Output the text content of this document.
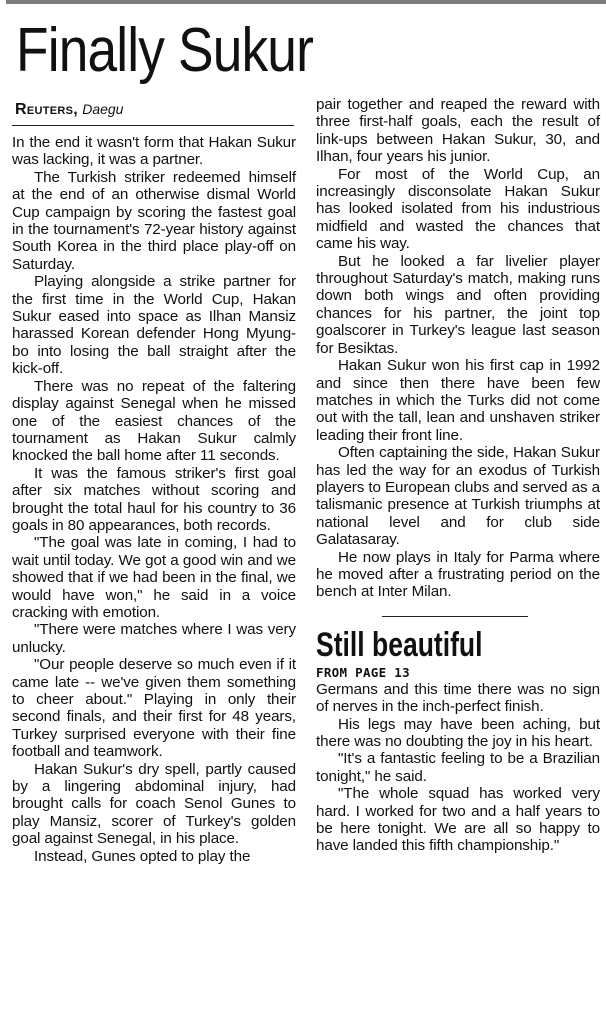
Finally Sukur
Reuters, Daegu

In the end it wasn't form that Hakan Sukur was lacking, it was a partner.

The Turkish striker redeemed himself at the end of an otherwise dismal World Cup campaign by scoring the fastest goal in the tournament's 72-year history against South Korea in the third place play-off on Saturday.

Playing alongside a strike partner for the first time in the World Cup, Hakan Sukur eased into space as Ilhan Mansiz harassed Korean defender Hong Myung-bo into losing the ball straight after the kick-off.

There was no repeat of the faltering display against Senegal when he missed one of the easiest chances of the tournament as Hakan Sukur calmly knocked the ball home after 11 seconds.

It was the famous striker's first goal after six matches without scoring and brought the total haul for his country to 36 goals in 80 appearances, both records.

"The goal was late in coming, I had to wait until today. We got a good win and we showed that if we had been in the final, we would have won," he said in a voice cracking with emotion.

"There were matches where I was very unlucky.

"Our people deserve so much even if it came late -- we've given them something to cheer about." Playing in only their second finals, and their first for 48 years, Turkey surprised everyone with their fine football and teamwork.

Hakan Sukur's dry spell, partly caused by a lingering abdominal injury, had brought calls for coach Senol Gunes to play Mansiz, scorer of Turkey's golden goal against Senegal, in his place.

Instead, Gunes opted to play the

pair together and reaped the reward with three first-half goals, each the result of link-ups between Hakan Sukur, 30, and Ilhan, four years his junior.

For most of the World Cup, an increasingly disconsolate Hakan Sukur has looked isolated from his industrious midfield and wasted the chances that came his way.

But he looked a far livelier player throughout Saturday's match, making runs down both wings and often providing chances for his partner, the joint top goalscorer in Turkey's league last season for Besiktas.

Hakan Sukur won his first cap in 1992 and since then there have been few matches in which the Turks did not come out with the tall, lean and unshaven striker leading their front line.

Often captaining the side, Hakan Sukur has led the way for an exodus of Turkish players to European clubs and served as a talismanic presence at Turkish triumphs at national level and for club side Galatasaray.

He now plays in Italy for Parma where he moved after a frustrating period on the bench at Inter Milan.

Still beautiful
FROM PAGE 13

Germans and this time there was no sign of nerves in the inch-perfect finish.

His legs may have been aching, but there was no doubting the joy in his heart.

"It's a fantastic feeling to be a Brazilian tonight," he said.

"The whole squad has worked very hard. I worked for two and a half years to be here tonight. We are all so happy to have landed this fifth championship."
